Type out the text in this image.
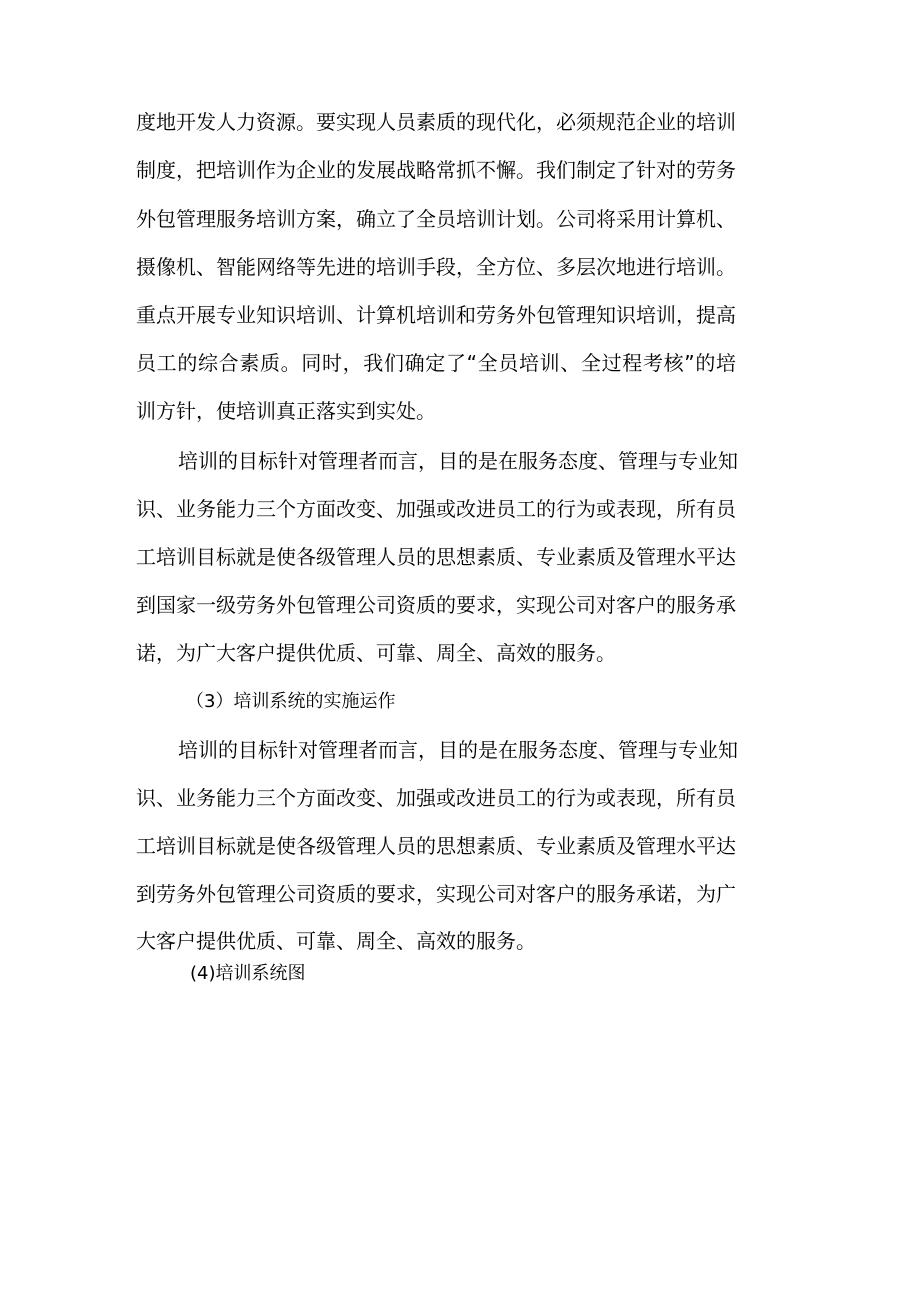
度地开发人力资源。要实现人员素质的现代化，必须规范企业的培训
制度，把培训作为企业的发展战略常抓不懈。我们制定了针对的劳务
外包管理服务培训方案，确立了全员培训计划。公司将采用计算机、
摄像机、智能网络等先进的培训手段，全方位、多层次地进行培训。
重点开展专业知识培训、计算机培训和劳务外包管理知识培训，提高
员工的综合素质。同时，我们确定了“全员培训、全过程考核”的培
训方针，使培训真正落实到实处。
培训的目标针对管理者而言，目的是在服务态度、管理与专业知
识、业务能力三个方面改变、加强或改进员工的行为或表现，所有员
工培训目标就是使各级管理人员的思想素质、专业素质及管理水平达
到国家一级劳务外包管理公司资质的要求，实现公司对客户的服务承
诺，为广大客户提供优质、可靠、周全、高效的服务。
（3）培训系统的实施运作
培训的目标针对管理者而言，目的是在服务态度、管理与专业知
识、业务能力三个方面改变、加强或改进员工的行为或表现，所有员
工培训目标就是使各级管理人员的思想素质、专业素质及管理水平达
到劳务外包管理公司资质的要求，实现公司对客户的服务承诺，为广
大客户提供优质、可靠、周全、高效的服务。
(4)培训系统图
